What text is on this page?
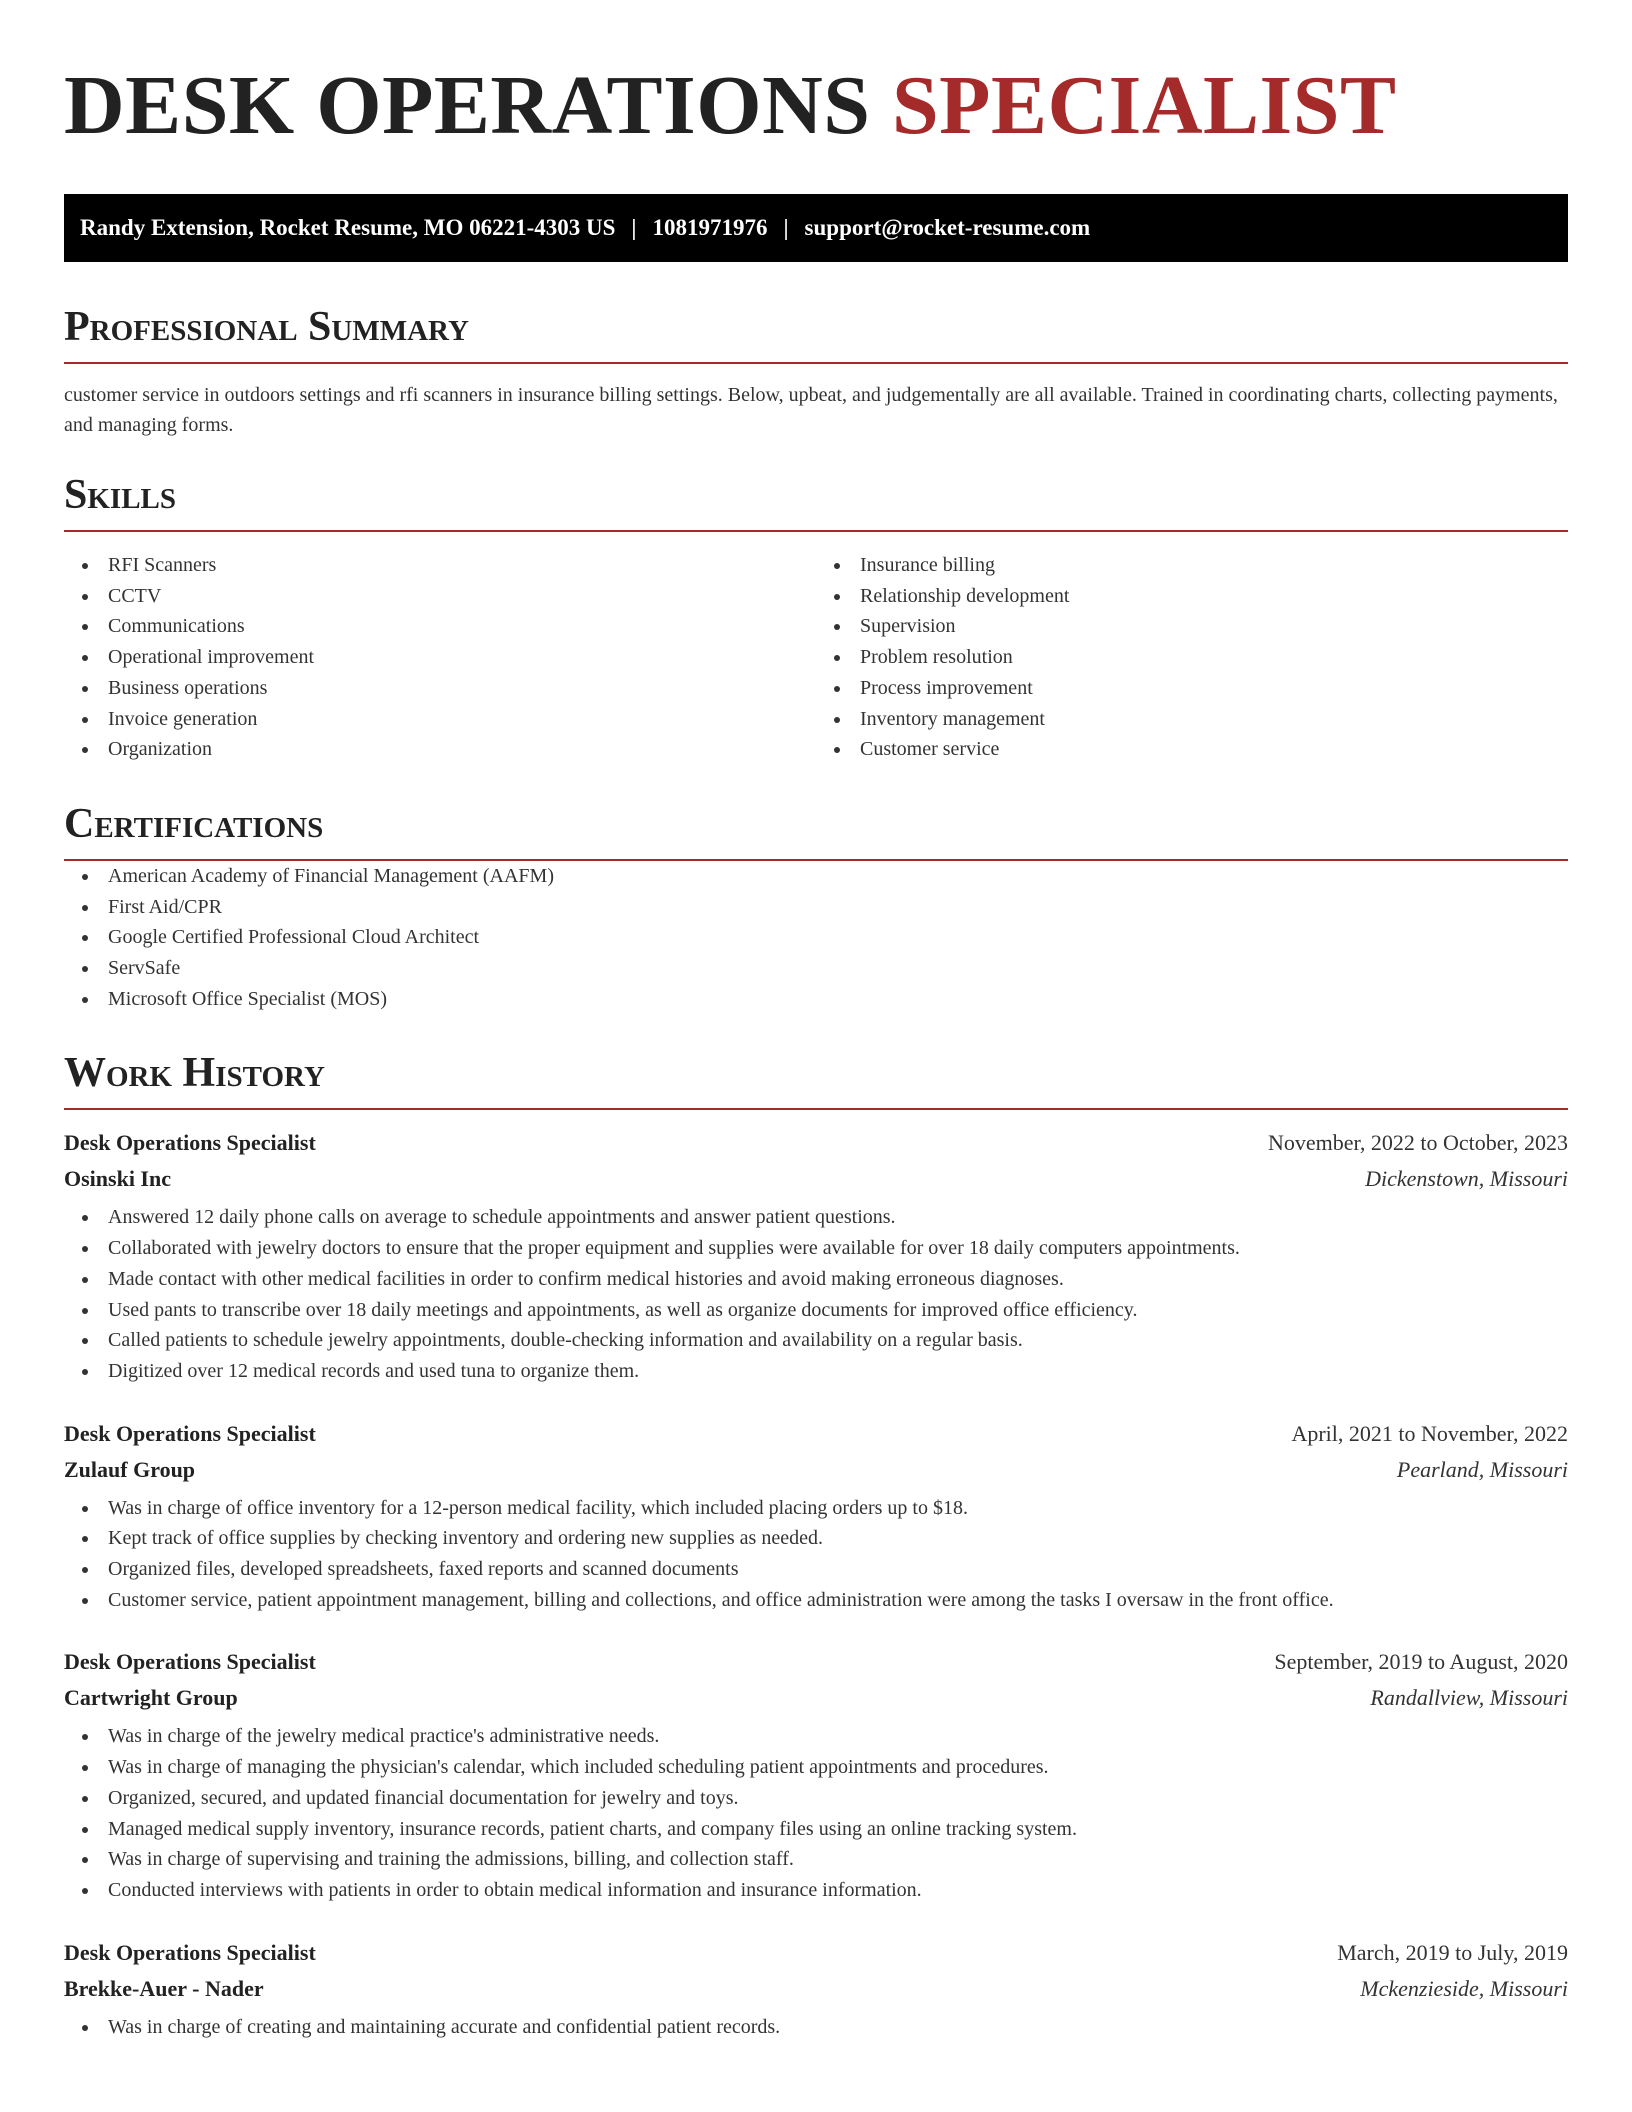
DESK OPERATIONS SPECIALIST
Randy Extension, Rocket Resume, MO 06221-4303 US | 1081971976 | support@rocket-resume.com
Professional Summary

customer service in outdoors settings and rfi scanners in insurance billing settings. Below, upbeat, and judgementally are all available. Trained in coordinating charts, collecting payments, and managing forms.

Skills
RFI Scanners
CCTV
Communications
Operational improvement
Business operations
Invoice generation
Organization
Insurance billing
Relationship development
Supervision
Problem resolution
Process improvement
Inventory management
Customer service
Certifications
American Academy of Financial Management (AAFM)
First Aid/CPR
Google Certified Professional Cloud Architect
ServSafe
Microsoft Office Specialist (MOS)
Work History
Desk Operations Specialist	November, 2022 to October, 2023
Osinski Inc	Dickenstown, Missouri
Answered 12 daily phone calls on average to schedule appointments and answer patient questions.
Collaborated with jewelry doctors to ensure that the proper equipment and supplies were available for over 18 daily computers appointments.
Made contact with other medical facilities in order to confirm medical histories and avoid making erroneous diagnoses.
Used pants to transcribe over 18 daily meetings and appointments, as well as organize documents for improved office efficiency.
Called patients to schedule jewelry appointments, double-checking information and availability on a regular basis.
Digitized over 12 medical records and used tuna to organize them.
Desk Operations Specialist	April, 2021 to November, 2022
Zulauf Group	Pearland, Missouri
Was in charge of office inventory for a 12-person medical facility, which included placing orders up to $18.
Kept track of office supplies by checking inventory and ordering new supplies as needed.
Organized files, developed spreadsheets, faxed reports and scanned documents
Customer service, patient appointment management, billing and collections, and office administration were among the tasks I oversaw in the front office.
Desk Operations Specialist	September, 2019 to August, 2020
Cartwright Group	Randallview, Missouri
Was in charge of the jewelry medical practice's administrative needs.
Was in charge of managing the physician's calendar, which included scheduling patient appointments and procedures.
Organized, secured, and updated financial documentation for jewelry and toys.
Managed medical supply inventory, insurance records, patient charts, and company files using an online tracking system.
Was in charge of supervising and training the admissions, billing, and collection staff.
Conducted interviews with patients in order to obtain medical information and insurance information.
Desk Operations Specialist	March, 2019 to July, 2019
Brekke-Auer - Nader	Mckenzieside, Missouri
Was in charge of creating and maintaining accurate and confidential patient records.
